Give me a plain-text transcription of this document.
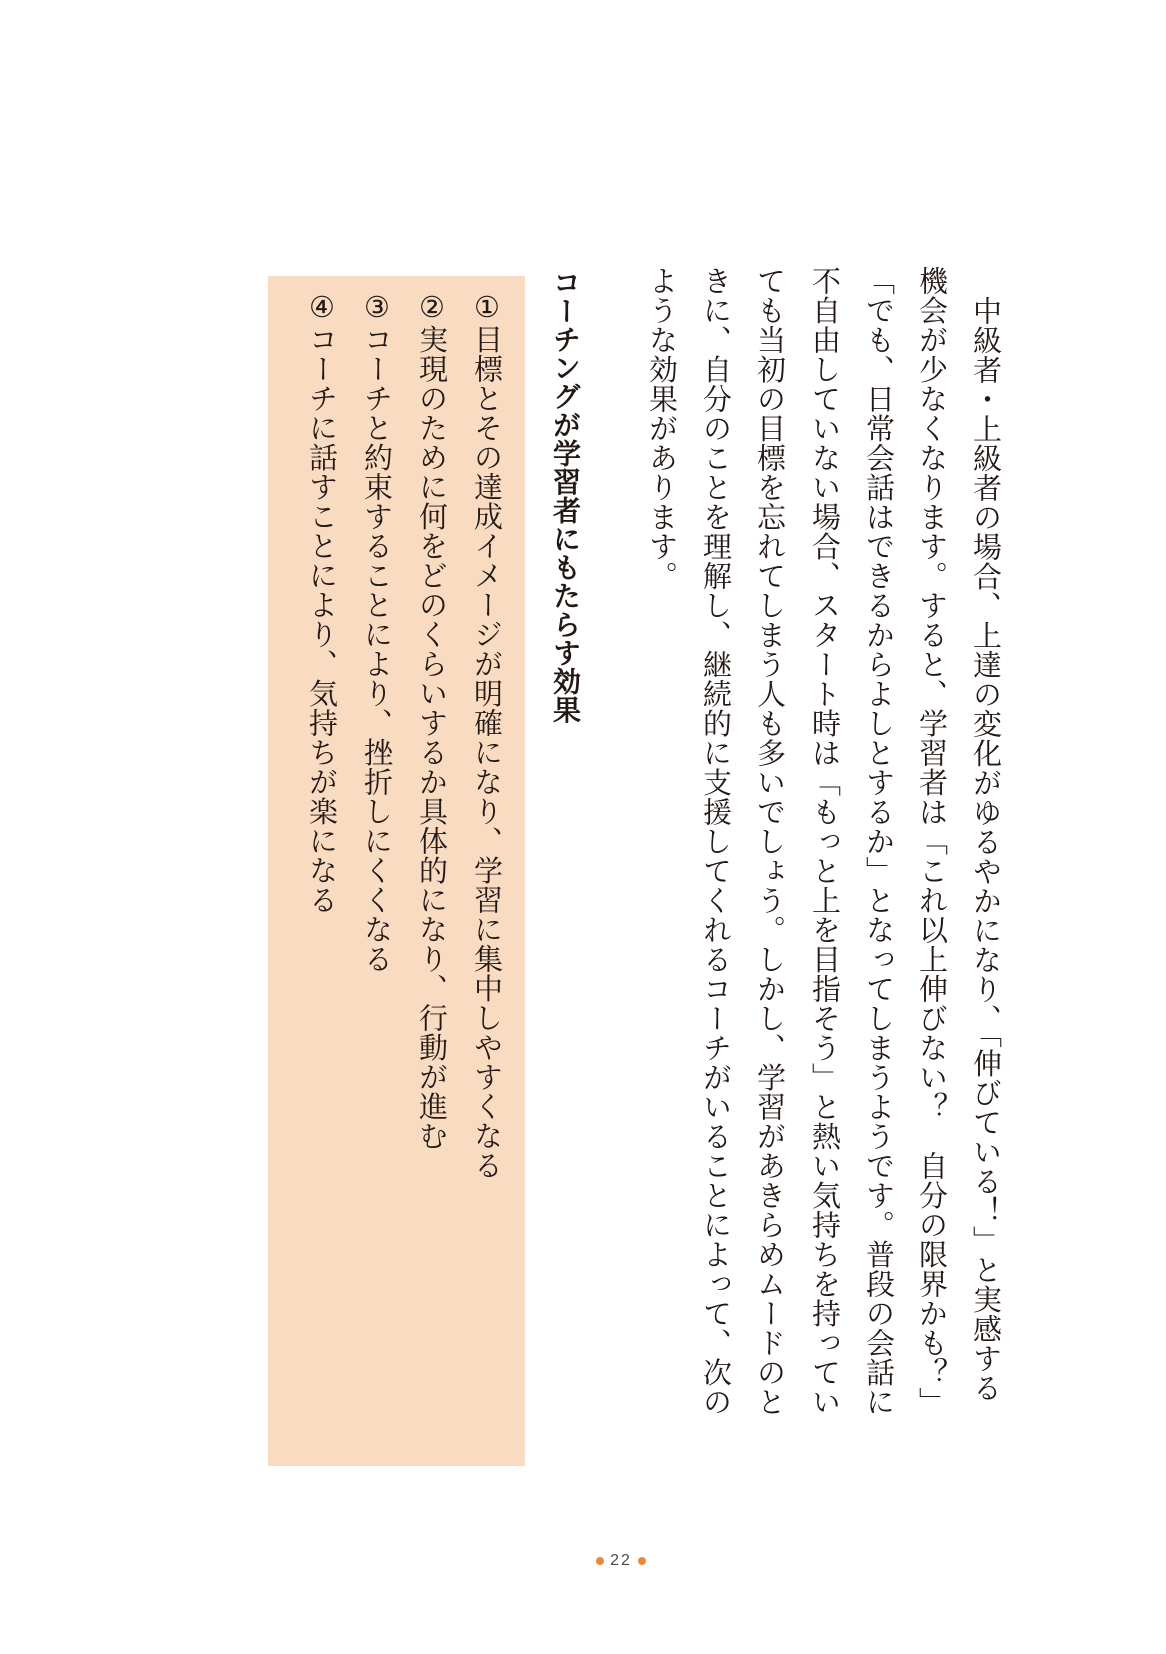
中級者・上級者の場合、上達の変化がゆるやかになり、「伸びている！」と実感する
機会が少なくなります。すると、学習者は「これ以上伸びない？　自分の限界かも？」
「でも、日常会話はできるからよしとするか」となってしまうようです。普段の会話に
不自由していない場合、スタート時は「もっと上を目指そう」と熱い気持ちを持ってい
ても当初の目標を忘れてしまう人も多いでしょう。しかし、学習があきらめムードのと
きに、自分のことを理解し、継続的に支援してくれるコーチがいることによって、次の
ような効果があります。
コーチングが学習者にもたらす効果
①目標とその達成イメージが明確になり、学習に集中しやすくなる
②実現のために何をどのくらいするか具体的になり、行動が進む
③コーチと約束することにより、挫折しにくくなる
④コーチに話すことにより、気持ちが楽になる
22
